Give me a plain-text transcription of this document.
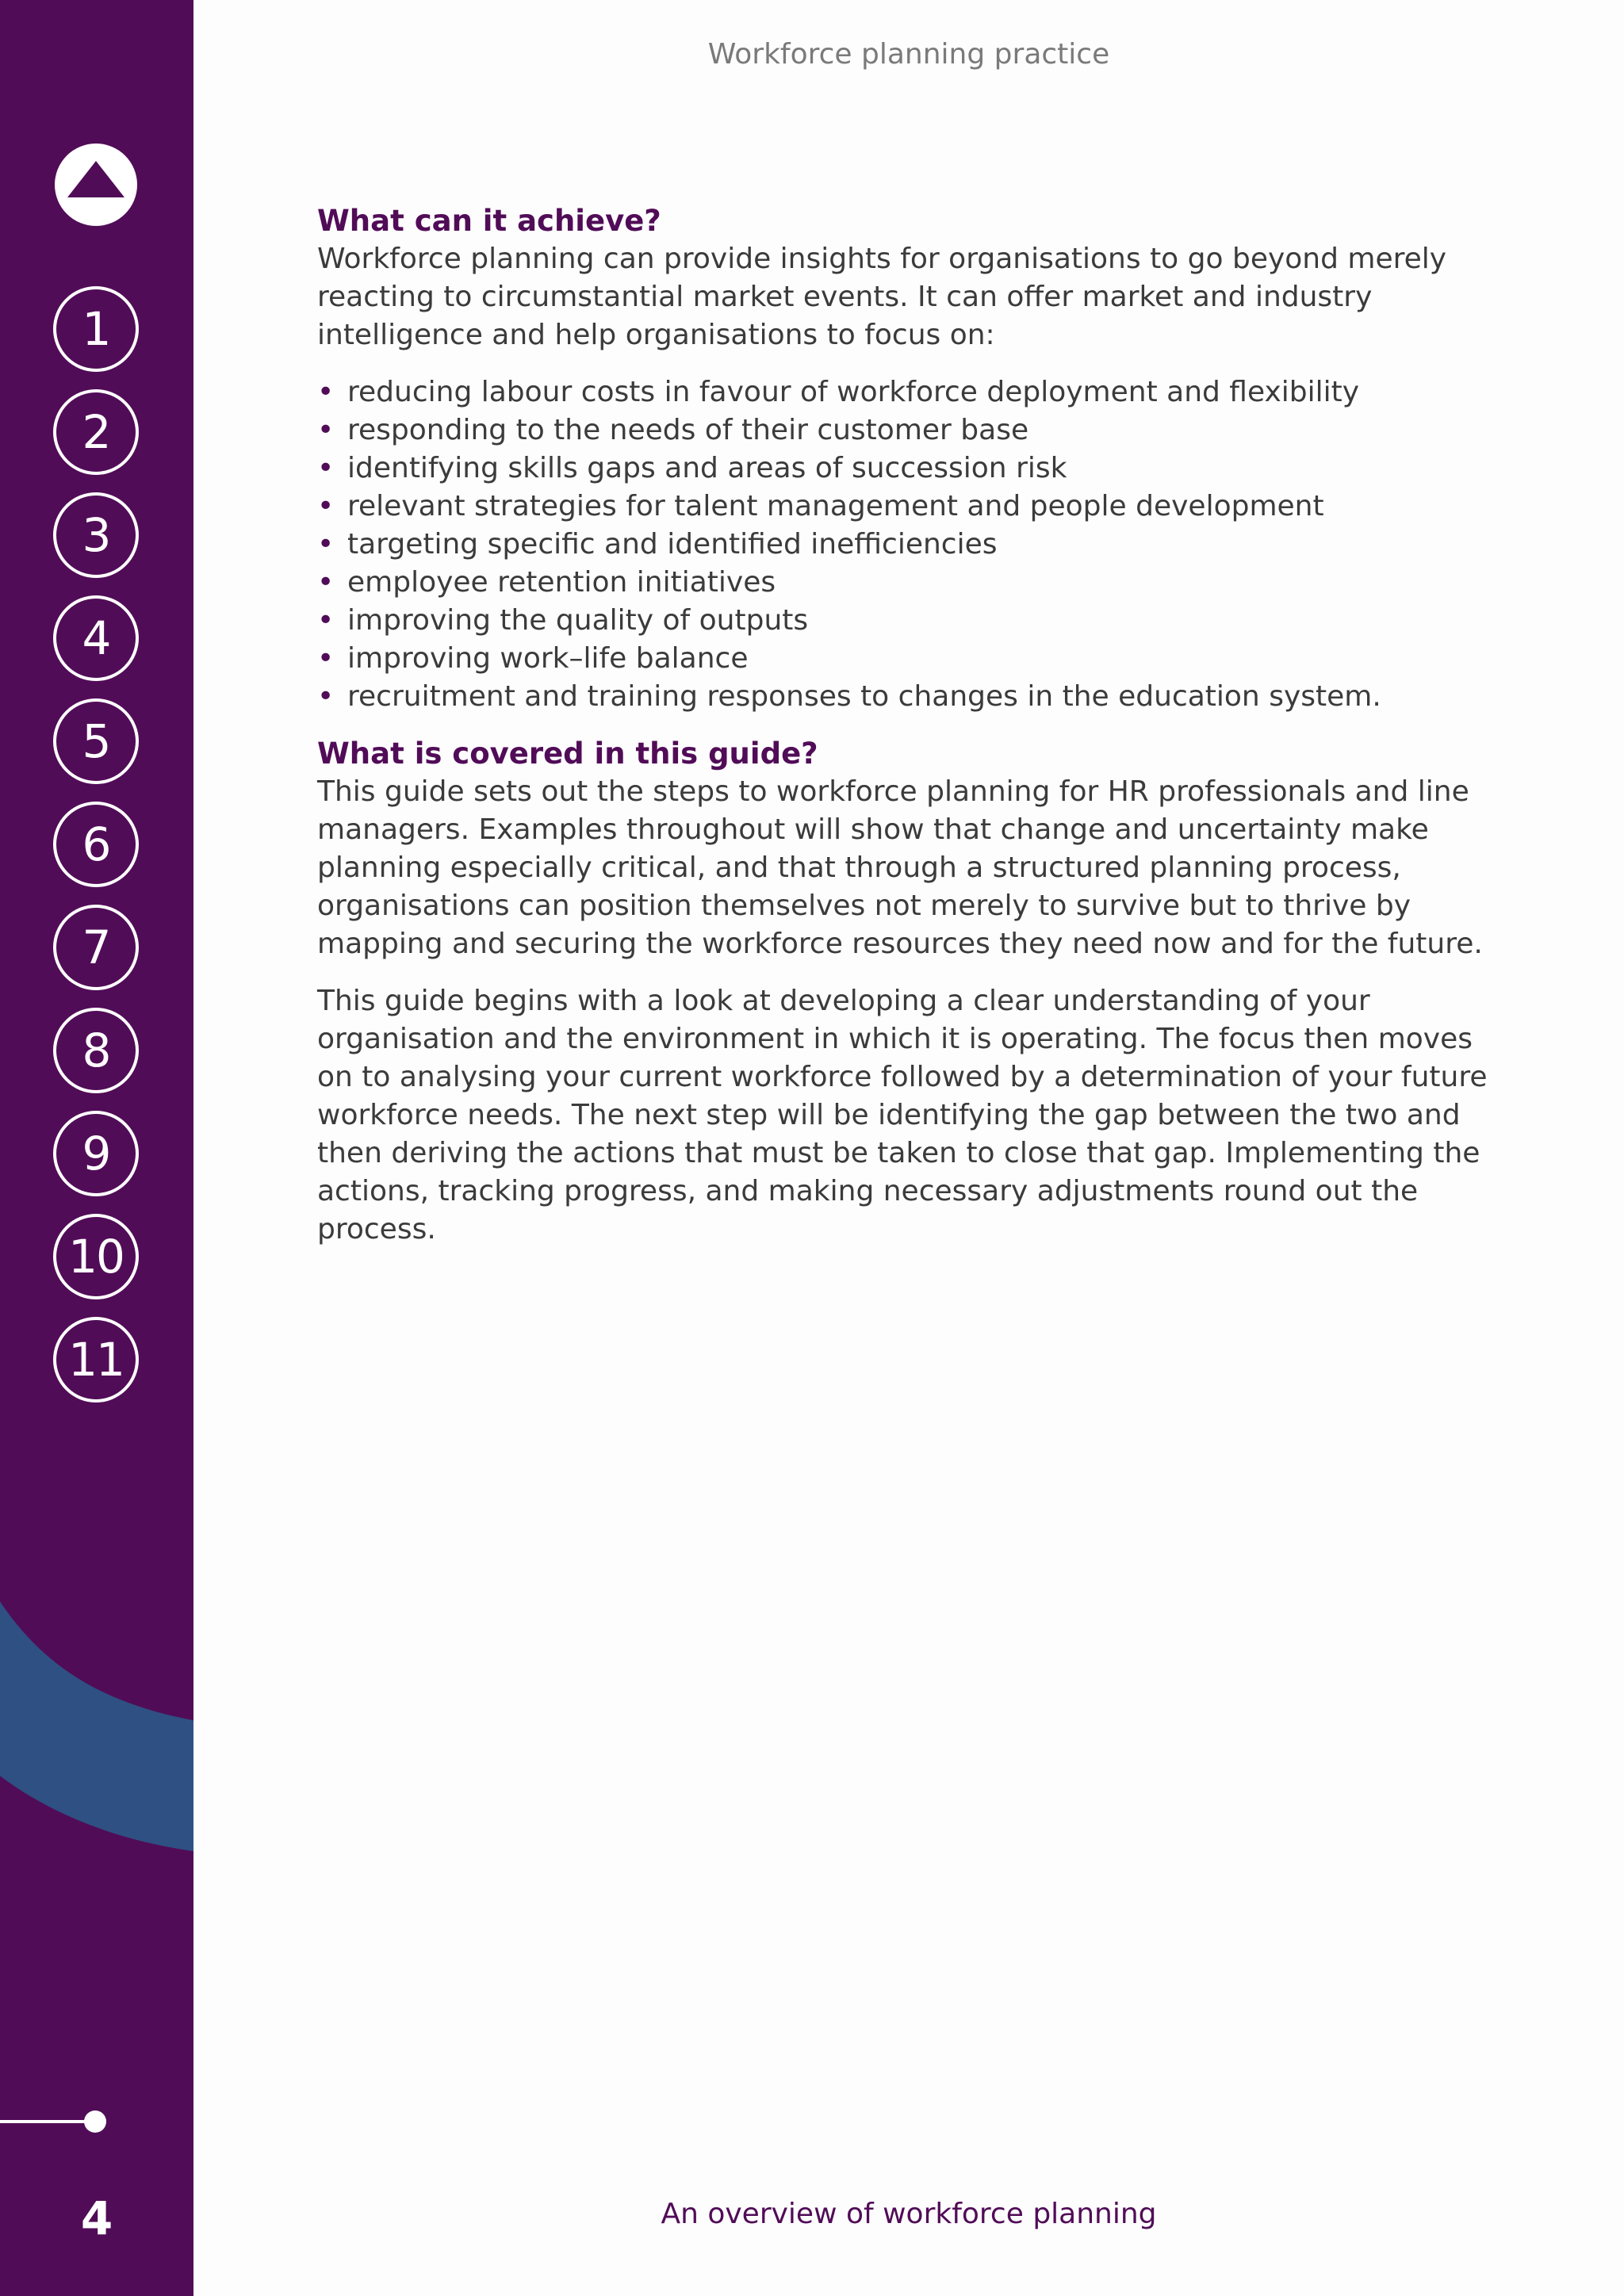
1
2
3
4
5
6
7
8
9
10
11
4
Workforce planning practice
What can it achieve?

Workforce planning can provide insights for organisations to go beyond merely reacting to circumstantial market events. It can offer market and industry intelligence and help organisations to focus on:

• reducing labour costs in favour of workforce deployment and flexibility
• responding to the needs of their customer base
• identifying skills gaps and areas of succession risk
• relevant strategies for talent management and people development
• targeting specific and identified inefficiencies
• employee retention initiatives
• improving the quality of outputs
• improving work–life balance
• recruitment and training responses to changes in the education system.
What is covered in this guide?

This guide sets out the steps to workforce planning for HR professionals and line managers. Examples throughout will show that change and uncertainty make planning especially critical, and that through a structured planning process, organisations can position themselves not merely to survive but to thrive by mapping and securing the workforce resources they need now and for the future.

This guide begins with a look at developing a clear understanding of your organisation and the environment in which it is operating. The focus then moves on to analysing your current workforce followed by a determination of your future workforce needs. The next step will be identifying the gap between the two and then deriving the actions that must be taken to close that gap. Implementing the actions, tracking progress, and making necessary adjustments round out the process.

An overview of workforce planning
